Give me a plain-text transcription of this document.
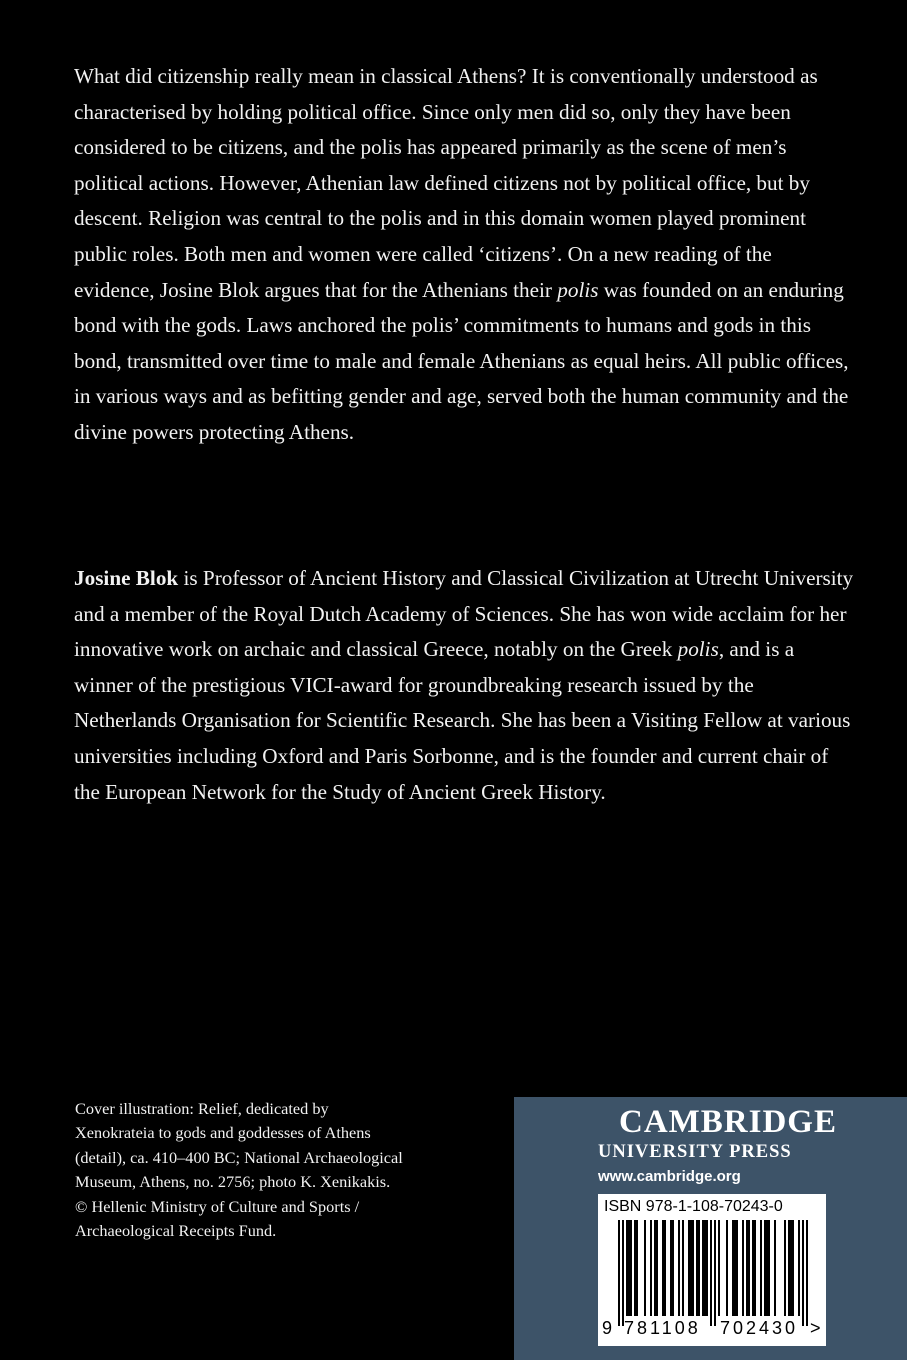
What did citizenship really mean in classical Athens? It is conventionally understood as characterised by holding political office. Since only men did so, only they have been considered to be citizens, and the polis has appeared primarily as the scene of men’s political actions. However, Athenian law defined citizens not by political office, but by descent. Religion was central to the polis and in this domain women played prominent public roles. Both men and women were called ‘citizens’. On a new reading of the evidence, Josine Blok argues that for the Athenians their polis was founded on an enduring bond with the gods. Laws anchored the polis’ commitments to humans and gods in this bond, transmitted over time to male and female Athenians as equal heirs. All public offices, in various ways and as befitting gender and age, served both the human community and the divine powers protecting Athens.

Josine Blok is Professor of Ancient History and Classical Civilization at Utrecht University and a member of the Royal Dutch Academy of Sciences. She has won wide acclaim for her innovative work on archaic and classical Greece, notably on the Greek polis, and is a winner of the prestigious VICI-award for groundbreaking research issued by the Netherlands Organisation for Scientific Research. She has been a Visiting Fellow at various universities including Oxford and Paris Sorbonne, and is the founder and current chair of the European Network for the Study of Ancient Greek History.

Cover illustration: Relief, dedicated by
Xenokrateia to gods and goddesses of Athens
(detail), ca. 410–400 BC; National Archaeological
Museum, Athens, no. 2756; photo K. Xenikakis.
© Hellenic Ministry of Culture and Sports /
Archaeological Receipts Fund.
CAMBRIDGE
UNIVERSITY PRESS
www.cambridge.org
ISBN 978-1-108-70243-0
9 781108 702430 >
